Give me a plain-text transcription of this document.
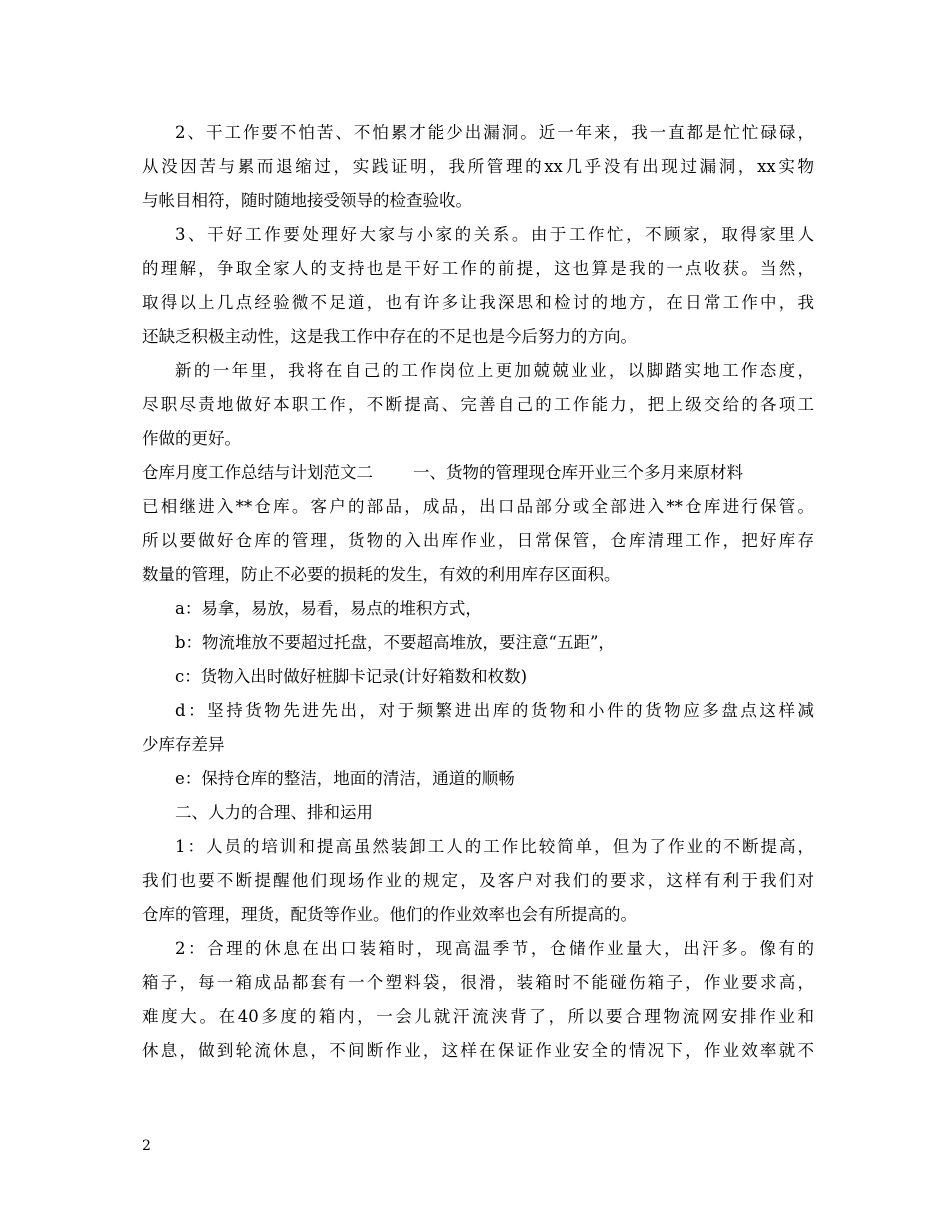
2、干工作要不怕苦、不怕累才能少出漏洞。近一年来，我一直都是忙忙碌碌，
从没因苦与累而退缩过，实践证明，我所管理的xx几乎没有出现过漏洞，xx实物
与帐目相符，随时随地接受领导的检查验收。
3、干好工作要处理好大家与小家的关系。由于工作忙，不顾家，取得家里人
的理解，争取全家人的支持也是干好工作的前提，这也算是我的一点收获。当然，
取得以上几点经验微不足道，也有许多让我深思和检讨的地方，在日常工作中，我
还缺乏积极主动性，这是我工作中存在的不足也是今后努力的方向。
新的一年里，我将在自己的工作岗位上更加兢兢业业，以脚踏实地工作态度，
尽职尽责地做好本职工作，不断提高、完善自己的工作能力，把上级交给的各项工
作做的更好。
仓库月度工作总结与计划范文二 一、货物的管理现仓库开业三个多月来原材料
已相继进入**仓库。客户的部品，成品，出口品部分或全部进入**仓库进行保管。
所以要做好仓库的管理，货物的入出库作业，日常保管，仓库清理工作，把好库存
数量的管理，防止不必要的损耗的发生，有效的利用库存区面积。
a：易拿，易放，易看，易点的堆积方式，
b：物流堆放不要超过托盘，不要超高堆放，要注意“五距”，
c：货物入出时做好桩脚卡记录(计好箱数和枚数)
d：坚持货物先进先出，对于频繁进出库的货物和小件的货物应多盘点这样减
少库存差异
e：保持仓库的整洁，地面的清洁，通道的顺畅
二、人力的合理、排和运用
1：人员的培训和提高虽然装卸工人的工作比较简单，但为了作业的不断提高，
我们也要不断提醒他们现场作业的规定，及客户对我们的要求，这样有利于我们对
仓库的管理，理货，配货等作业。他们的作业效率也会有所提高的。
2：合理的休息在出口装箱时，现高温季节，仓储作业量大，出汗多。像有的
箱子，每一箱成品都套有一个塑料袋，很滑，装箱时不能碰伤箱子，作业要求高，
难度大。在40多度的箱内，一会儿就汗流浃背了，所以要合理物流网安排作业和
休息，做到轮流休息，不间断作业，这样在保证作业安全的情况下，作业效率就不
2
